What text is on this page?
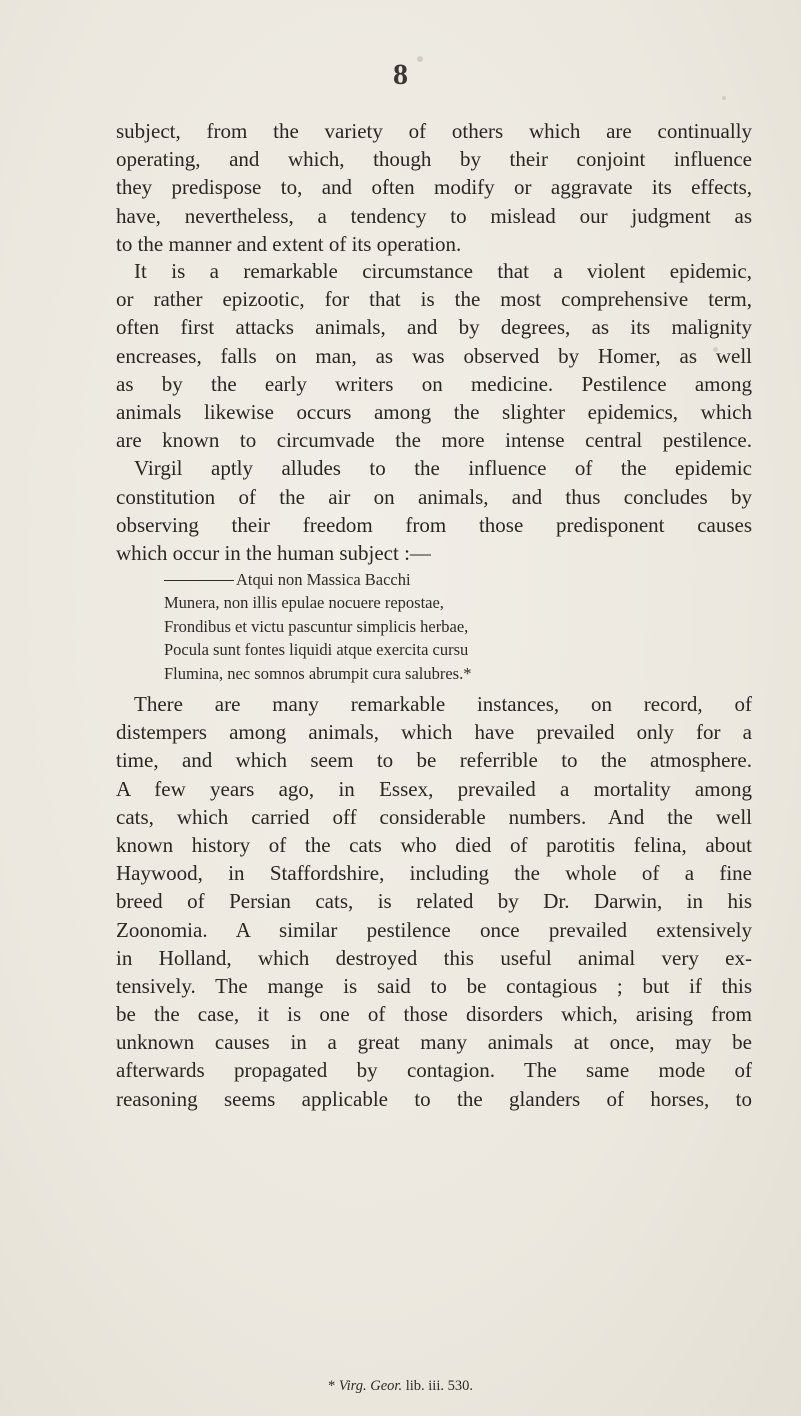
8
subject, from the variety of others which are continually
operating, and which, though by their conjoint influence
they predispose to, and often modify or aggravate its effects,
have, nevertheless, a tendency to mislead our judgment as
to the manner and extent of its operation.
It is a remarkable circumstance that a violent epidemic,
or rather epizootic, for that is the most comprehensive term,
often first attacks animals, and by degrees, as its malignity
encreases, falls on man, as was observed by Homer, as well
as by the early writers on medicine. Pestilence among
animals likewise occurs among the slighter epidemics, which
are known to circumvade the more intense central pestilence.
Virgil aptly alludes to the influence of the epidemic
constitution of the air on animals, and thus concludes by
observing their freedom from those predisponent causes
which occur in the human subject :—
Atqui non Massica Bacchi
Munera, non illis epulae nocuere repostae,
Frondibus et victu pascuntur simplicis herbae,
Pocula sunt fontes liquidi atque exercita cursu
Flumina, nec somnos abrumpit cura salubres.*
There are many remarkable instances, on record, of
distempers among animals, which have prevailed only for a
time, and which seem to be referrible to the atmosphere.
A few years ago, in Essex, prevailed a mortality among
cats, which carried off considerable numbers. And the well
known history of the cats who died of parotitis felina, about
Haywood, in Staffordshire, including the whole of a fine
breed of Persian cats, is related by Dr. Darwin, in his
Zoonomia. A similar pestilence once prevailed extensively
in Holland, which destroyed this useful animal very ex-
tensively. The mange is said to be contagious ; but if this
be the case, it is one of those disorders which, arising from
unknown causes in a great many animals at once, may be
afterwards propagated by contagion. The same mode of
reasoning seems applicable to the glanders of horses, to
* Virg. Geor. lib. iii. 530.
